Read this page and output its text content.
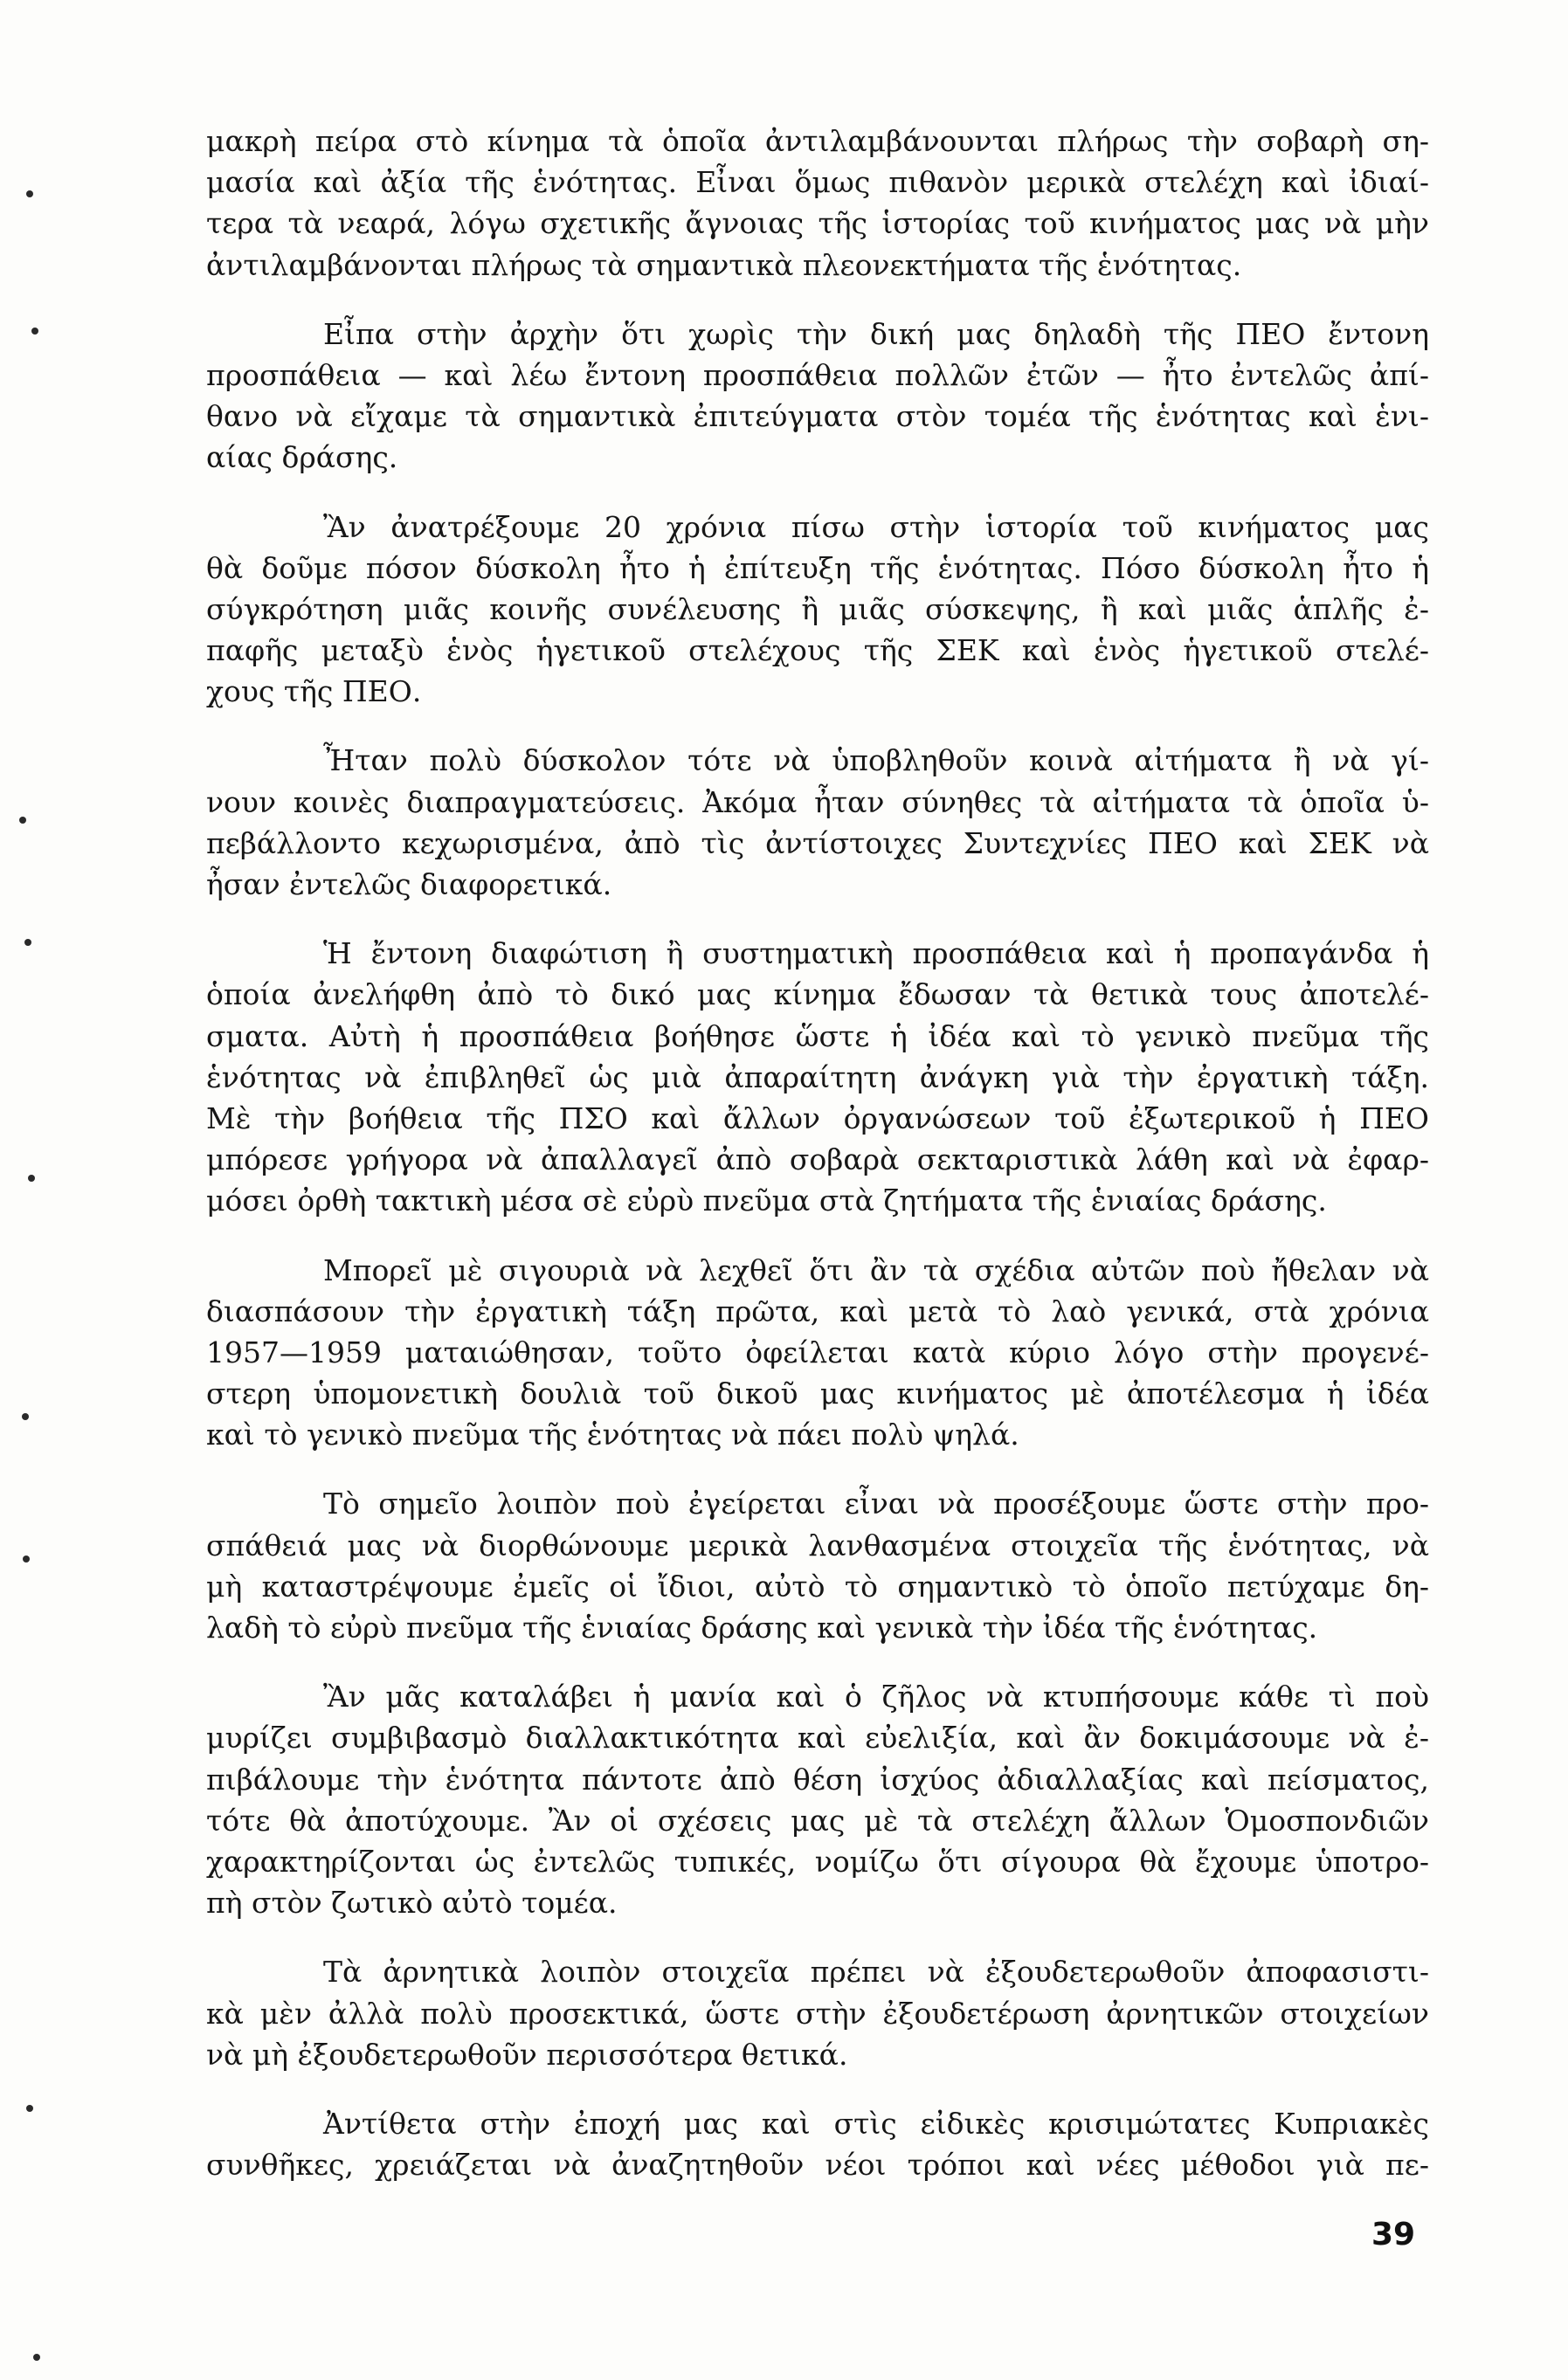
μακρὴ πείρα στὸ κίνημα τὰ ὁποῖα ἀντιλαμβάνουνται πλήρως τὴν σοβαρὴ ση-
μασία καὶ ἀξία τῆς ἑνότητας. Εἶναι ὅμως πιθανὸν μερικὰ στελέχη καὶ ἰδιαί-
τερα τὰ νεαρά, λόγω σχετικῆς ἄγνοιας τῆς ἱστορίας τοῦ κινήματος μας νὰ μὴν
ἀντιλαμβάνονται πλήρως τὰ σημαντικὰ πλεονεκτήματα τῆς ἑνότητας.
Εἶπα στὴν ἀρχὴν ὅτι χωρὶς τὴν δική μας δηλαδὴ τῆς ΠΕΟ ἔντονη
προσπάθεια — καὶ λέω ἔντονη προσπάθεια πολλῶν ἐτῶν — ἦτο ἐντελῶς ἀπί-
θανο νὰ εἴχαμε τὰ σημαντικὰ ἐπιτεύγματα στὸν τομέα τῆς ἑνότητας καὶ ἑνι-
αίας δράσης.
Ἂν ἀνατρέξουμε 20 χρόνια πίσω στὴν ἱστορία τοῦ κινήματος μας
θὰ δοῦμε πόσον δύσκολη ἦτο ἡ ἐπίτευξη τῆς ἑνότητας. Πόσο δύσκολη ἦτο ἡ
σύγκρότηση μιᾶς κοινῆς συνέλευσης ἢ μιᾶς σύσκεψης, ἢ καὶ μιᾶς ἁπλῆς ἐ-
παφῆς μεταξὺ ἑνὸς ἡγετικοῦ στελέχους τῆς ΣΕΚ καὶ ἑνὸς ἡγετικοῦ στελέ-
χους τῆς ΠΕΟ.
Ἦταν πολὺ δύσκολον τότε νὰ ὑποβληθοῦν κοινὰ αἰτήματα ἢ νὰ γί-
νουν κοινὲς διαπραγματεύσεις. Ἀκόμα ἦταν σύνηθες τὰ αἰτήματα τὰ ὁποῖα ὑ-
πεβάλλοντο κεχωρισμένα, ἀπὸ τὶς ἀντίστοιχες Συντεχνίες ΠΕΟ καὶ ΣΕΚ νὰ
ἦσαν ἐντελῶς διαφορετικά.
Ἡ ἔντονη διαφώτιση ἢ συστηματικὴ προσπάθεια καὶ ἡ προπαγάνδα ἡ
ὁποία ἀνελήφθη ἀπὸ τὸ δικό μας κίνημα ἔδωσαν τὰ θετικὰ τους ἀποτελέ-
σματα. Αὐτὴ ἡ προσπάθεια βοήθησε ὥστε ἡ ἰδέα καὶ τὸ γενικὸ πνεῦμα τῆς
ἑνότητας νὰ ἐπιβληθεῖ ὡς μιὰ ἀπαραίτητη ἀνάγκη γιὰ τὴν ἐργατικὴ τάξη.
Μὲ τὴν βοήθεια τῆς ΠΣΟ καὶ ἄλλων ὀργανώσεων τοῦ ἐξωτερικοῦ ἡ ΠΕΟ
μπόρεσε γρήγορα νὰ ἀπαλλαγεῖ ἀπὸ σοβαρὰ σεκταριστικὰ λάθη καὶ νὰ ἐφαρ-
μόσει ὀρθὴ τακτικὴ μέσα σὲ εὐρὺ πνεῦμα στὰ ζητήματα τῆς ἑνιαίας δράσης.
Μπορεῖ μὲ σιγουριὰ νὰ λεχθεῖ ὅτι ἂν τὰ σχέδια αὐτῶν ποὺ ἤθελαν νὰ
διασπάσουν τὴν ἐργατικὴ τάξη πρῶτα, καὶ μετὰ τὸ λαὸ γενικά, στὰ χρόνια
1957—1959 ματαιώθησαν, τοῦτο ὀφείλεται κατὰ κύριο λόγο στὴν προγενέ-
στερη ὑπομονετικὴ δουλιὰ τοῦ δικοῦ μας κινήματος μὲ ἀποτέλεσμα ἡ ἰδέα
καὶ τὸ γενικὸ πνεῦμα τῆς ἑνότητας νὰ πάει πολὺ ψηλά.
Τὸ σημεῖο λοιπὸν ποὺ ἐγείρεται εἶναι νὰ προσέξουμε ὥστε στὴν προ-
σπάθειά μας νὰ διορθώνουμε μερικὰ λανθασμένα στοιχεῖα τῆς ἑνότητας, νὰ
μὴ καταστρέψουμε ἐμεῖς οἱ ἴδιοι, αὐτὸ τὸ σημαντικὸ τὸ ὁποῖο πετύχαμε δη-
λαδὴ τὸ εὐρὺ πνεῦμα τῆς ἑνιαίας δράσης καὶ γενικὰ τὴν ἰδέα τῆς ἑνότητας.
Ἂν μᾶς καταλάβει ἡ μανία καὶ ὁ ζῆλος νὰ κτυπήσουμε κάθε τὶ ποὺ
μυρίζει συμβιβασμὸ διαλλακτικότητα καὶ εὐελιξία, καὶ ἂν δοκιμάσουμε νὰ ἐ-
πιβάλουμε τὴν ἑνότητα πάντοτε ἀπὸ θέση ἰσχύος ἀδιαλλαξίας καὶ πείσματος,
τότε θὰ ἀποτύχουμε. Ἂν οἱ σχέσεις μας μὲ τὰ στελέχη ἄλλων Ὁμοσπονδιῶν
χαρακτηρίζονται ὡς ἐντελῶς τυπικές, νομίζω ὅτι σίγουρα θὰ ἔχουμε ὑποτρο-
πὴ στὸν ζωτικὸ αὐτὸ τομέα.
Τὰ ἀρνητικὰ λοιπὸν στοιχεῖα πρέπει νὰ ἐξουδετερωθοῦν ἀποφασιστι-
κὰ μὲν ἀλλὰ πολὺ προσεκτικά, ὥστε στὴν ἐξουδετέρωση ἀρνητικῶν στοιχείων
νὰ μὴ ἐξουδετερωθοῦν περισσότερα θετικά.
Ἀντίθετα στὴν ἐποχή μας καὶ στὶς εἰδικὲς κρισιμώτατες Κυπριακὲς
συνθῆκες, χρειάζεται νὰ ἀναζητηθοῦν νέοι τρόποι καὶ νέες μέθοδοι γιὰ πε-
39
